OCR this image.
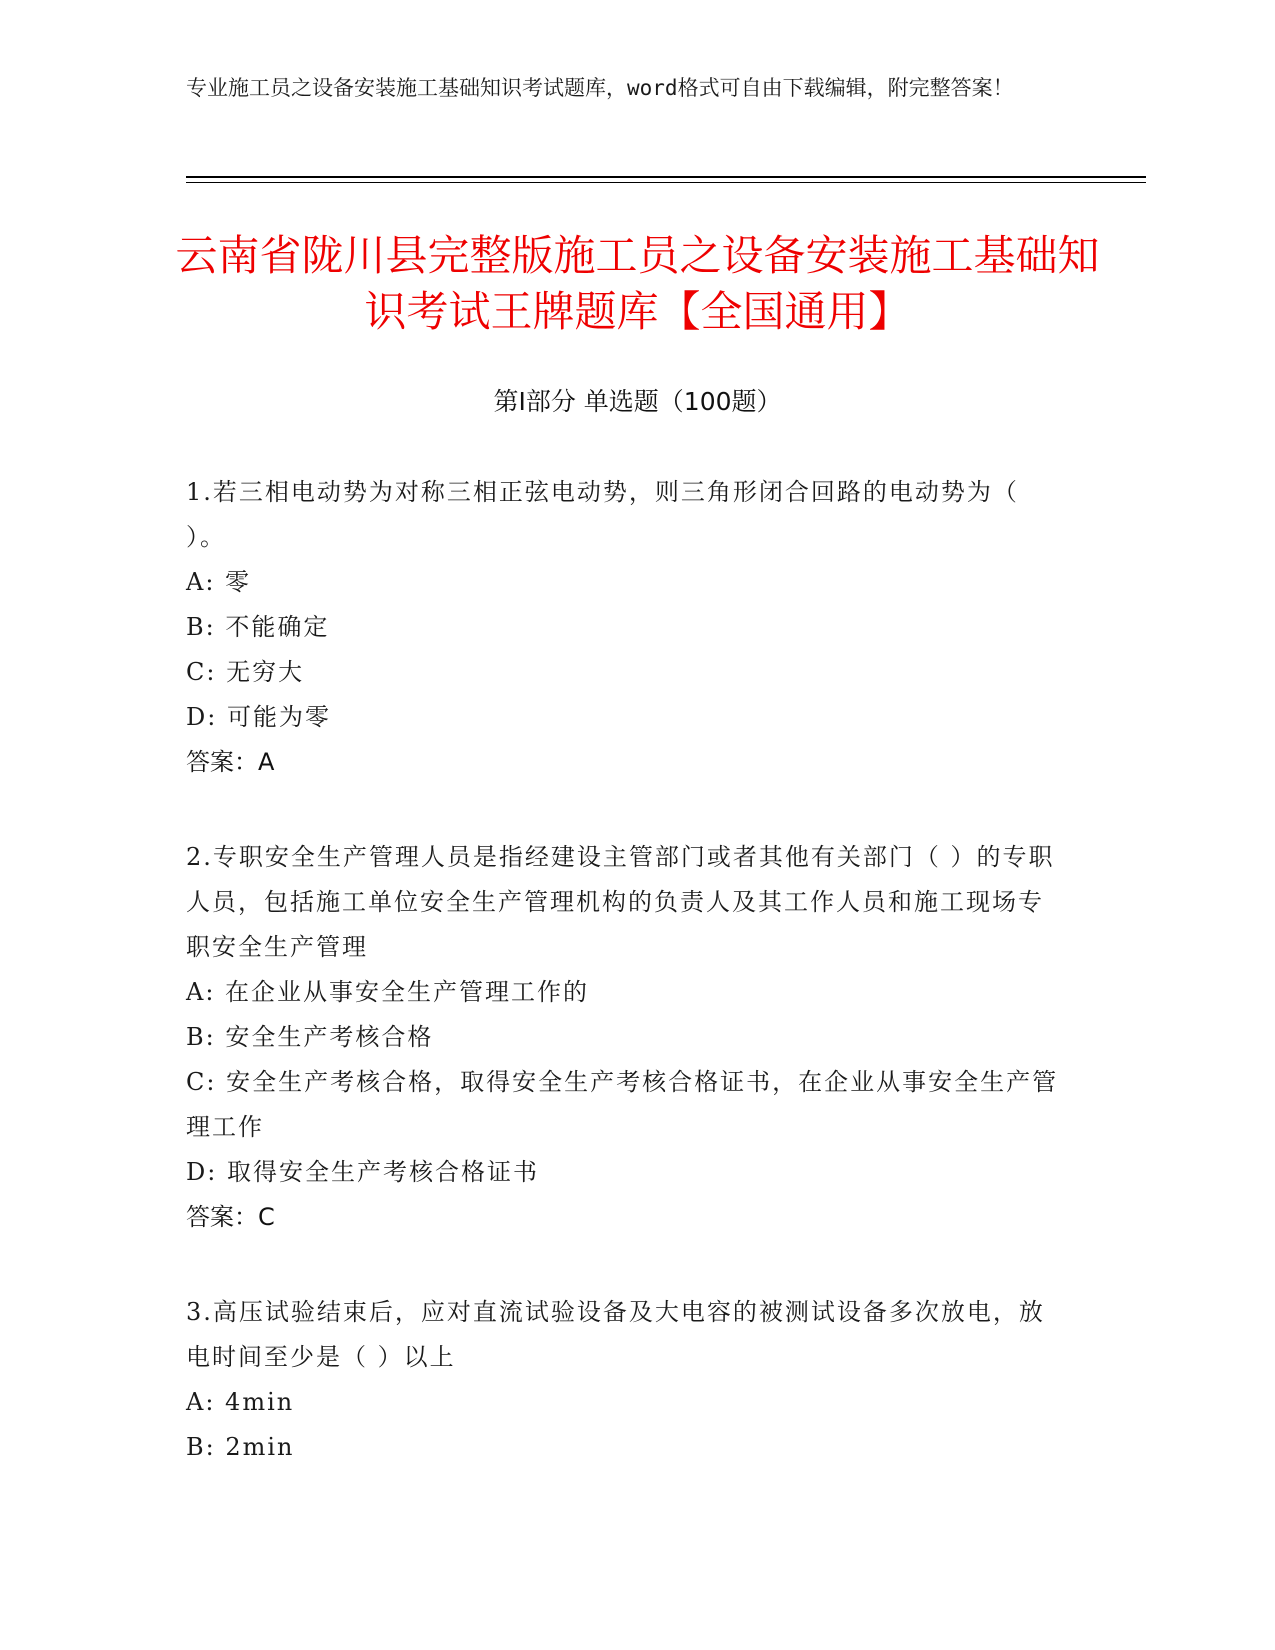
专业施工员之设备安装施工基础知识考试题库，word格式可自由下载编辑，附完整答案！
云南省陇川县完整版施工员之设备安装施工基础知识考试王牌题库【全国通用】
第I部分 单选题（100题）
1.若三相电动势为对称三相正弦电动势，则三角形闭合回路的电动势为（ ）。
A: 零
B: 不能确定
C: 无穷大
D: 可能为零
答案：A
2.专职安全生产管理人员是指经建设主管部门或者其他有关部门（ ）的专职人员，包括施工单位安全生产管理机构的负责人及其工作人员和施工现场专职安全生产管理
A: 在企业从事安全生产管理工作的
B: 安全生产考核合格
C: 安全生产考核合格，取得安全生产考核合格证书，在企业从事安全生产管理工作
D: 取得安全生产考核合格证书
答案：C
3.高压试验结束后，应对直流试验设备及大电容的被测试设备多次放电，放电时间至少是（ ）以上
A: 4min
B: 2min
